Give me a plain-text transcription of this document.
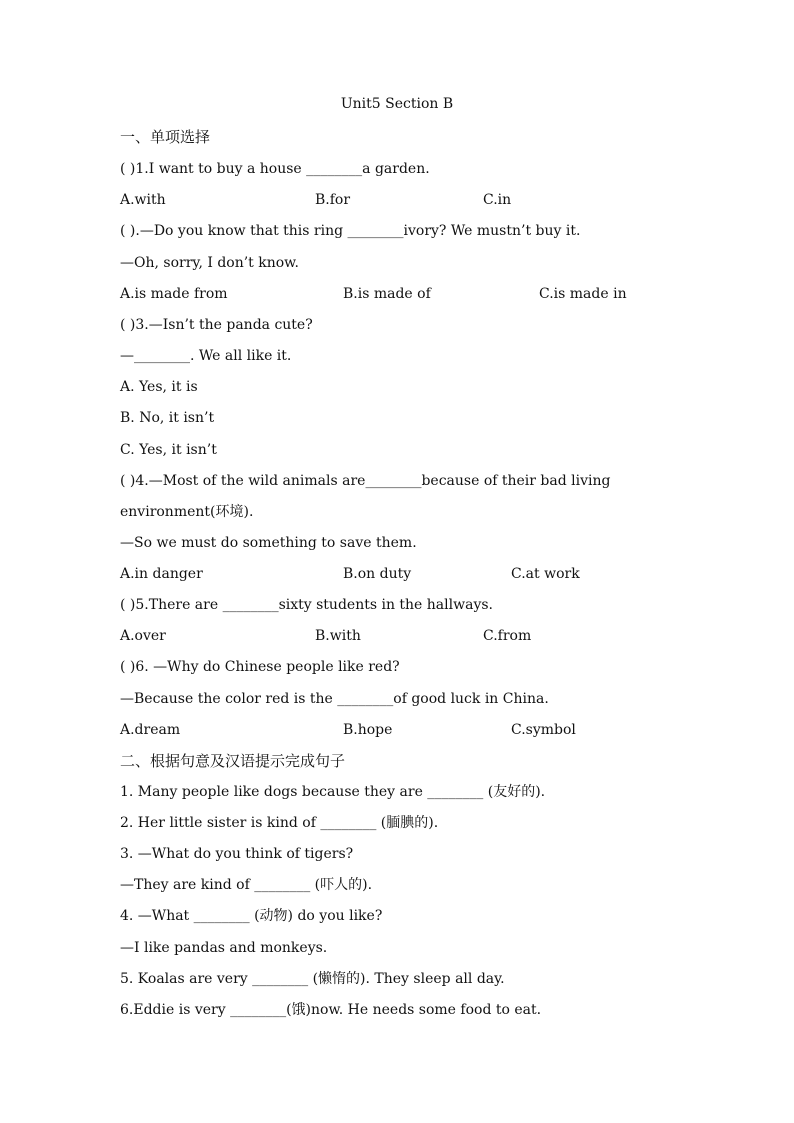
Unit5 Section B
一、单项选择
( )1.I want to buy a house ________a garden.
A.with	B.for	C.in
( ).—Do you know that this ring ________ivory? We mustn’t buy it.
—Oh, sorry, I don’t know.
A.is made from	B.is made of	C.is made in
( )3.—Isn’t the panda cute?
—________. We all like it.
A. Yes, it is
B. No, it isn’t
C. Yes, it isn’t
( )4.—Most of the wild animals are________because of their bad living
environment(环境).
—So we must do something to save them.
A.in danger	B.on duty	C.at work
( )5.There are ________sixty students in the hallways.
A.over	B.with	C.from
( )6. —Why do Chinese people like red?
—Because the color red is the ________of good luck in China.
A.dream	B.hope	C.symbol
二、根据句意及汉语提示完成句子
1. Many people like dogs because they are ________ (友好的).
2. Her little sister is kind of ________ (腼腆的).
3. —What do you think of tigers?
—They are kind of ________ (吓人的).
4. —What ________ (动物) do you like?
—I like pandas and monkeys.
5. Koalas are very ________ (懒惰的). They sleep all day.
6.Eddie is very ________(饿)now. He needs some food to eat.
